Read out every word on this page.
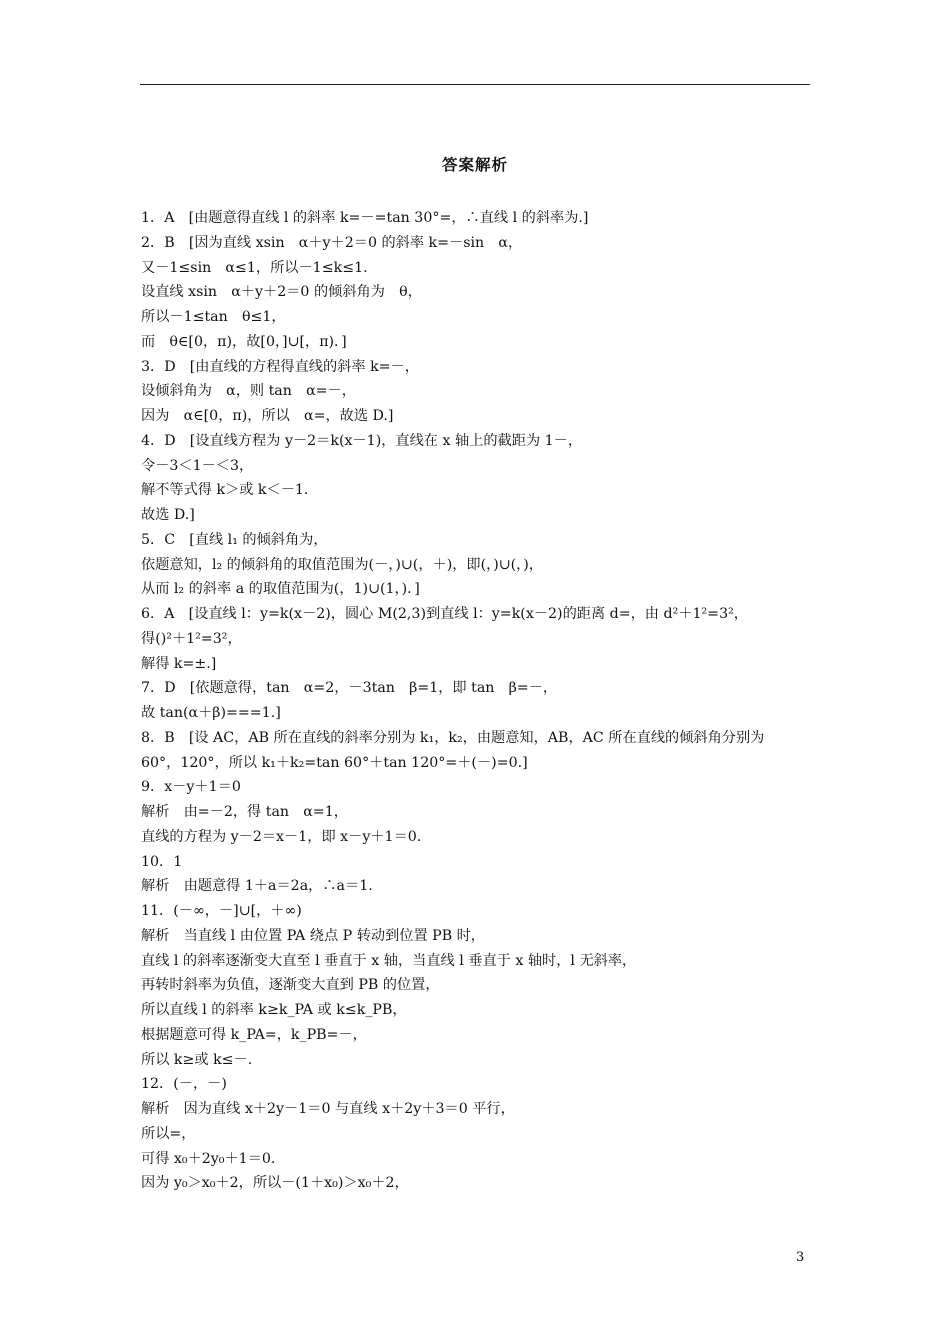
答案解析
1．A　[由题意得直线 l 的斜率 k=－=tan 30°=，∴直线 l 的斜率为.]
2．B　[因为直线 xsin　α＋y＋2＝0 的斜率 k=－sin　α，
又－1≤sin　α≤1，所以－1≤k≤1.
设直线 xsin　α＋y＋2＝0 的倾斜角为　θ，
所以－1≤tan　θ≤1，
而　θ∈[0，π)，故[0，]∪[，π)．]
3．D　[由直线的方程得直线的斜率 k=－，
设倾斜角为　α，则 tan　α=－，
因为　α∈[0，π)，所以　α=，故选 D.]
4．D　[设直线方程为 y－2＝k(x－1)，直线在 x 轴上的截距为 1－，
令－3＜1－＜3，
解不等式得 k＞或 k＜－1.
故选 D.]
5．C　[直线 l₁ 的倾斜角为，
依题意知，l₂ 的倾斜角的取值范围为(－，)∪(，＋)，即(，)∪(，)，
从而 l₂ 的斜率 a 的取值范围为(，1)∪(1，)．]
6．A　[设直线 l：y=k(x－2)，圆心 M(2,3)到直线 l：y=k(x－2)的距离 d=，由 d²＋1²=3²，
得()²＋1²=3²，
解得 k=±.]
7．D　[依题意得，tan　α=2，－3tan　β=1，即 tan　β=－，
故 tan(α＋β)===1.]
8．B　[设 AC，AB 所在直线的斜率分别为 k₁，k₂，由题意知，AB，AC 所在直线的倾斜角分别为
60°，120°，所以 k₁＋k₂=tan 60°＋tan 120°=＋(－)=0.]
9．x－y＋1＝0
解析　由=－2，得 tan　α=1，
直线的方程为 y－2＝x－1，即 x－y＋1＝0.
10．1
解析　由题意得 1＋a＝2a，∴a＝1.
11．(－∞，－]∪[，＋∞)
解析　当直线 l 由位置 PA 绕点 P 转动到位置 PB 时，
直线 l 的斜率逐渐变大直至 l 垂直于 x 轴，当直线 l 垂直于 x 轴时，l 无斜率，
再转时斜率为负值，逐渐变大直到 PB 的位置，
所以直线 l 的斜率 k≥k_PA 或 k≤k_PB，
根据题意可得 k_PA=，k_PB=－，
所以 k≥或 k≤－.
12．(－，－)
解析　因为直线 x＋2y－1＝0 与直线 x＋2y＋3＝0 平行，
所以=，
可得 x₀＋2y₀＋1＝0.
因为 y₀＞x₀＋2，所以－(1＋x₀)＞x₀＋2，
3
